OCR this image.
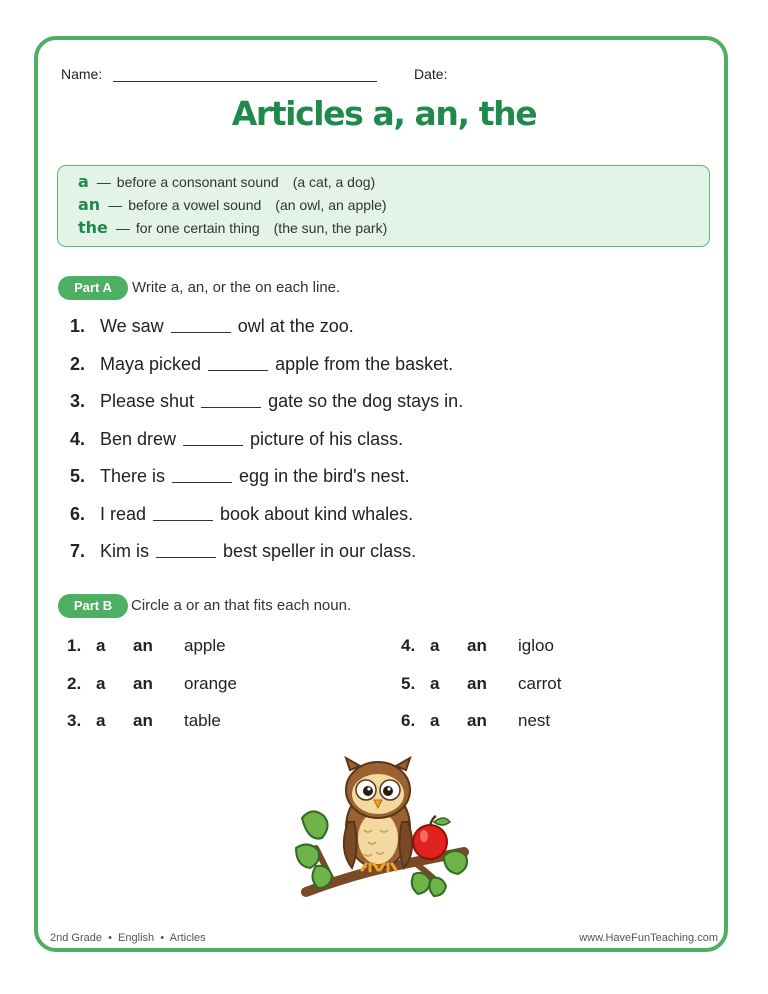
Name:	Date:
Articles a, an, the
a — before a consonant sound (a cat, a dog)
an — before a vowel sound (an owl, an apple)
the — for one certain thing (the sun, the park)
Part A	Write a, an, or the on each line.
1. We saw	owl at the zoo.
2. Maya picked	apple from the basket.
3. Please shut	gate so the dog stays in.
4. Ben drew	picture of his class.
5. There is	egg in the bird's nest.
6. I read	book about kind whales.
7. Kim is	best speller in our class.
Part B	Circle a or an that fits each noun.
1. a an apple
2. a an orange
3. a an table
4. a an igloo
5. a an carrot
6. a an nest
2nd Grade  •  English  •  Articles	www.HaveFunTeaching.com
